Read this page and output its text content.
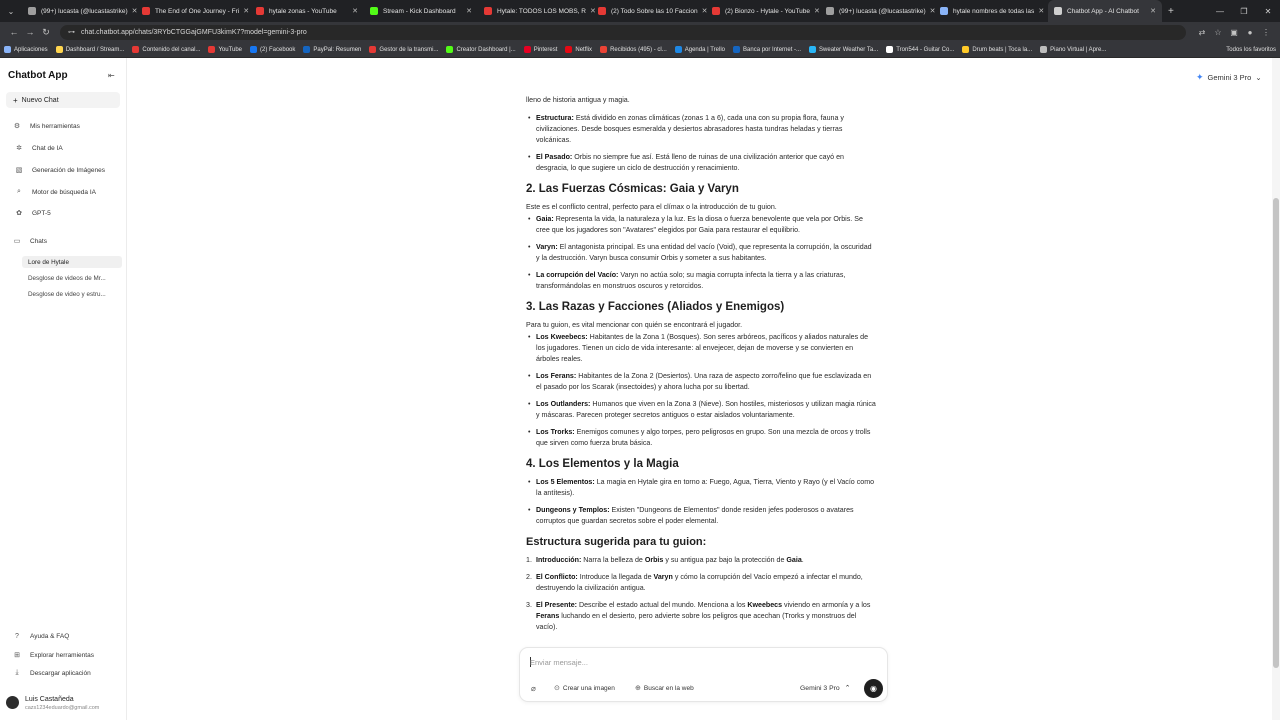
⌄	(99+) lucasta (@lucastastrike) ✕	The End of One Journey - Fri ✕	hytale zonas - YouTube	✕	Stream - Kick Dashboard	✕	Hytale: TODOS LOS MOBS, R ✕ (2) Todo Sobre las 10 Faccion ✕	(2) Bionzo - Hytale - YouTube ✕	(99+) lucasta (@lucastastrike) ✕	hytale nombres de todas las ✕	Chatbot App - AI Chatbot	✕	+	—	❐	✕
← → ↻	⊶ chat.chatbot.app/chats/3RYbCTGGajGMFU3kimK7?model=gemini-3-pro	⇄	☆	▣	●	⋮
Aplicaciones	Dashboard / Stream...	Contenido del canal...	YouTube	(2) Facebook	PayPal: Resumen	Gestor de la transmi...	Creator Dashboard |...	Pinterest	Netflix	Recibidos (495) - cl...	Agenda | Trello	Banca por Internet -...	Sweater Weather Ta...	Tron544 - Guitar Co...	Drum beats | Toca la...	Piano Virtual | Apre...	Todos los favoritos
Chatbot App	⇤
+ Nuevo Chat
⚙ Mis herramientas
✲	Chat de IA
▧ Generación de Imágenes
⌕	Motor de búsqueda IA
✿	GPT-5
▭ Chats
Lore de Hytale
Desglose de videos de Mr...
Desglose de video y estru...
?	Ayuda & FAQ
⊞	Explorar herramientas
⤓	Descargar aplicación
Luis Castañeda
cazs1234eduardo@gmail.com
✦ Gemini 3 Pro ⌄

lleno de historia antigua y magia.

• Estructura: Está dividido en zonas climáticas (zonas 1 a 6), cada una con su propia flora, fauna y civilizaciones. Desde bosques esmeralda y desiertos abrasadores hasta tundras heladas y tierras volcánicas.
• El Pasado: Orbis no siempre fue así. Está lleno de ruinas de una civilización anterior que cayó en desgracia, lo que sugiere un ciclo de destrucción y renacimiento.
2. Las Fuerzas Cósmicas: Gaia y Varyn

Este es el conflicto central, perfecto para el clímax o la introducción de tu guion.

• Gaia: Representa la vida, la naturaleza y la luz. Es la diosa o fuerza benevolente que vela por Orbis. Se cree que los jugadores son "Avatares" elegidos por Gaia para restaurar el equilibrio.
• Varyn: El antagonista principal. Es una entidad del vacío (Void), que representa la corrupción, la oscuridad y la destrucción. Varyn busca consumir Orbis y someter a sus habitantes.
• La corrupción del Vacío: Varyn no actúa solo; su magia corrupta infecta la tierra y a las criaturas, transformándolas en monstruos oscuros y retorcidos.
3. Las Razas y Facciones (Aliados y Enemigos)

Para tu guion, es vital mencionar con quién se encontrará el jugador.

• Los Kweebecs: Habitantes de la Zona 1 (Bosques). Son seres arbóreos, pacíficos y aliados naturales de los jugadores. Tienen un ciclo de vida interesante: al envejecer, dejan de moverse y se convierten en árboles reales.
• Los Ferans: Habitantes de la Zona 2 (Desiertos). Una raza de aspecto zorro/felino que fue esclavizada en el pasado por los Scarak (insectoides) y ahora lucha por su libertad.
• Los Outlanders: Humanos que viven en la Zona 3 (Nieve). Son hostiles, misteriosos y utilizan magia rúnica y máscaras. Parecen proteger secretos antiguos o estar aislados voluntariamente.
• Los Trorks: Enemigos comunes y algo torpes, pero peligrosos en grupo. Son una mezcla de orcos y trolls que sirven como fuerza bruta básica.
4. Los Elementos y la Magia
• Los 5 Elementos: La magia en Hytale gira en torno a: Fuego, Agua, Tierra, Viento y Rayo (y el Vacío como la antítesis).
• Dungeons y Templos: Existen "Dungeons de Elementos" donde residen jefes poderosos o avatares corruptos que guardan secretos sobre el poder elemental.
Estructura sugerida para tu guion:
1. Introducción: Narra la belleza de Orbis y su antigua paz bajo la protección de Gaia.
2. El Conflicto: Introduce la llegada de Varyn y cómo la corrupción del Vacío empezó a infectar el mundo, destruyendo la civilización antigua.
3. El Presente: Describe el estado actual del mundo. Menciona a los Kweebecs viviendo en armonía y a los Ferans luchando en el desierto, pero advierte sobre los peligros que acechan (Trorks y monstruos del vacío).
Enviar mensaje...
⌀	⊙ Crear una imagen	⊕ Buscar en la web	Gemini 3 Pro ⌃ ◉
